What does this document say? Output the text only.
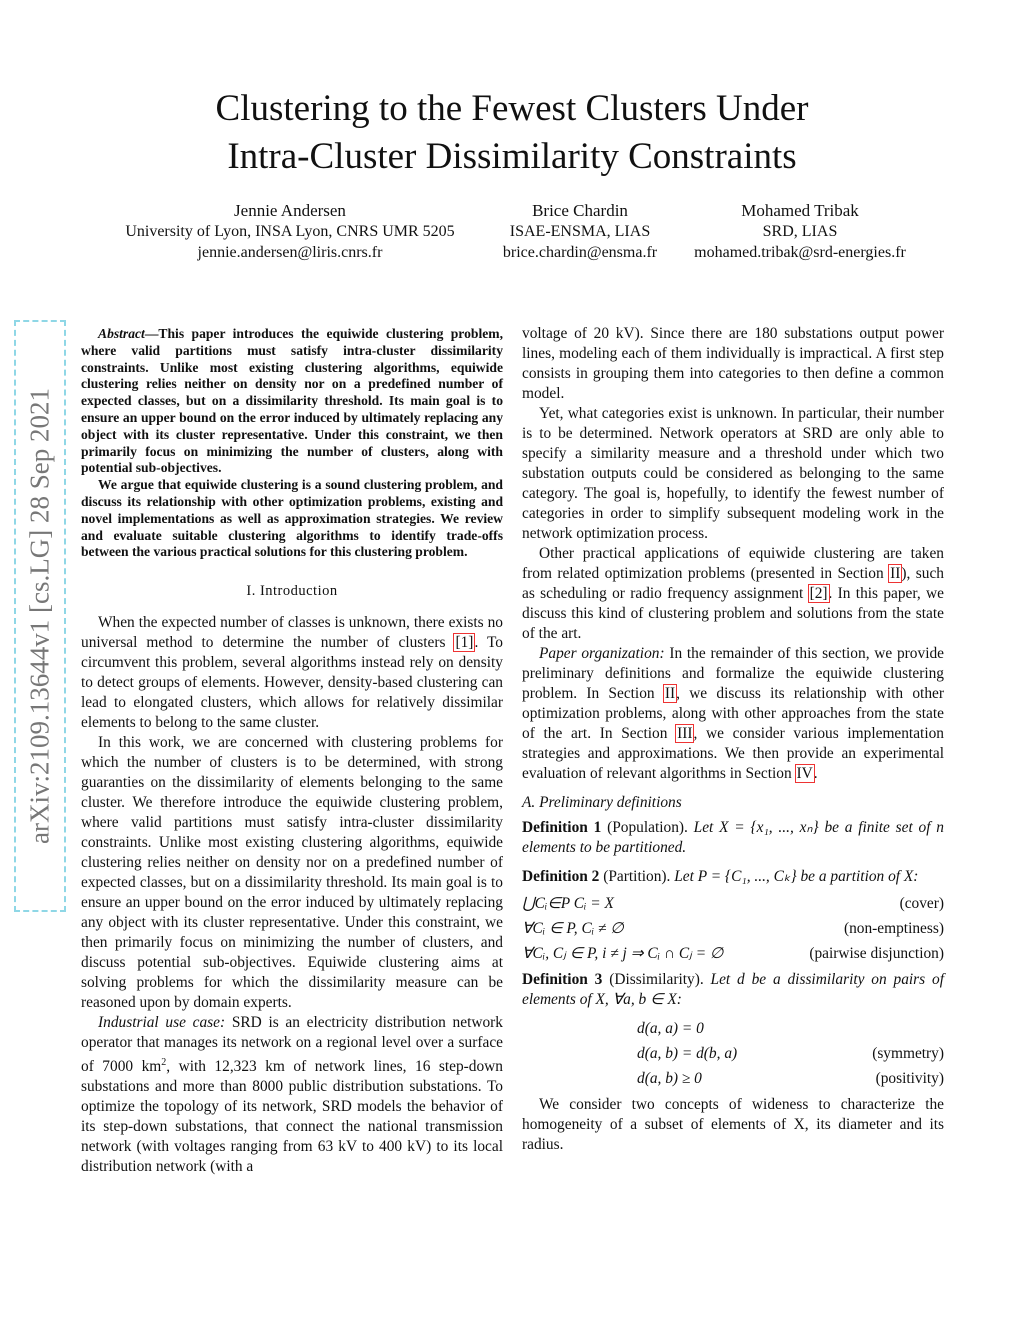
Clustering to the Fewest Clusters Under
Intra-Cluster Dissimilarity Constraints
Jennie Andersen
University of Lyon, INSA Lyon, CNRS UMR 5205
jennie.andersen@liris.cnrs.fr
Brice Chardin
ISAE-ENSMA, LIAS
brice.chardin@ensma.fr
Mohamed Tribak
SRD, LIAS
mohamed.tribak@srd-energies.fr
arXiv:2109.13644v1 [cs.LG] 28 Sep 2021

Abstract—This paper introduces the equiwide clustering problem, where valid partitions must satisfy intra-cluster dissimilarity constraints. Unlike most existing clustering algorithms, equiwide clustering relies neither on density nor on a predefined number of expected classes, but on a dissimilarity threshold. Its main goal is to ensure an upper bound on the error induced by ultimately replacing any object with its cluster representative. Under this constraint, we then primarily focus on minimizing the number of clusters, along with potential sub-objectives.

We argue that equiwide clustering is a sound clustering problem, and discuss its relationship with other optimization problems, existing and novel implementations as well as approximation strategies. We review and evaluate suitable clustering algorithms to identify trade-offs between the various practical solutions for this clustering problem.

I. Introduction

When the expected number of classes is unknown, there exists no universal method to determine the number of clusters [1]. To circumvent this problem, several algorithms instead rely on density to detect groups of elements. However, density-based clustering can lead to elongated clusters, which allows for relatively dissimilar elements to belong to the same cluster.

In this work, we are concerned with clustering problems for which the number of clusters is to be determined, with strong guaranties on the dissimilarity of elements belonging to the same cluster. We therefore introduce the equiwide clustering problem, where valid partitions must satisfy intra-cluster dissimilarity constraints. Unlike most existing clustering algorithms, equiwide clustering relies neither on density nor on a predefined number of expected classes, but on a dissimilarity threshold. Its main goal is to ensure an upper bound on the error induced by ultimately replacing any object with its cluster representative. Under this constraint, we then primarily focus on minimizing the number of clusters, and discuss potential sub-objectives. Equiwide clustering aims at solving problems for which the dissimilarity measure can be reasoned upon by domain experts.

Industrial use case: SRD is an electricity distribution network operator that manages its network on a regional level over a surface of 7000 $km^2$, with 12,323 km of network lines, 16 step-down substations and more than 8000 public distribution substations. To optimize the topology of its network, SRD models the behavior of its step-down substations, that connect the national transmission network (with voltages ranging from 63 kV to 400 kV) to its local distribution network (with a

voltage of 20 kV). Since there are 180 substations output power lines, modeling each of them individually is impractical. A first step consists in grouping them into categories to then define a common model.

Yet, what categories exist is unknown. In particular, their number is to be determined. Network operators at SRD are only able to specify a similarity measure and a threshold under which two substation outputs could be considered as belonging to the same category. The goal is, hopefully, to identify the fewest number of categories in order to simplify subsequent modeling work in the network optimization process.

Other practical applications of equiwide clustering are taken from related optimization problems (presented in Section II), such as scheduling or radio frequency assignment [2]. In this paper, we discuss this kind of clustering problem and solutions from the state of the art.

Paper organization: In the remainder of this section, we provide preliminary definitions and formalize the equiwide clustering problem. In Section II, we discuss its relationship with other optimization problems, along with other approaches from the state of the art. In Section III, we consider various implementation strategies and approximations. We then provide an experimental evaluation of relevant algorithms in Section IV.

A. Preliminary definitions

Definition 1 (Population). Let X = {x₁, ..., xₙ} be a finite set of n elements to be partitioned.

Definition 2 (Partition). Let P = {C₁, ..., Cₖ} be a partition of X:

⋃Cᵢ∈P Cᵢ = X	(cover)
∀Cᵢ ∈ P, Cᵢ ≠ ∅	(non-emptiness)
∀Cᵢ, Cⱼ ∈ P, i ≠ j ⇒ Cᵢ ∩ Cⱼ = ∅	(pairwise disjunction)

Definition 3 (Dissimilarity). Let d be a dissimilarity on pairs of elements of X, ∀a, b ∈ X:

d(a, a) = 0
d(a, b) = d(b, a)	(symmetry)
d(a, b) ≥ 0	(positivity)

We consider two concepts of wideness to characterize the homogeneity of a subset of elements of X, its diameter and its radius.
